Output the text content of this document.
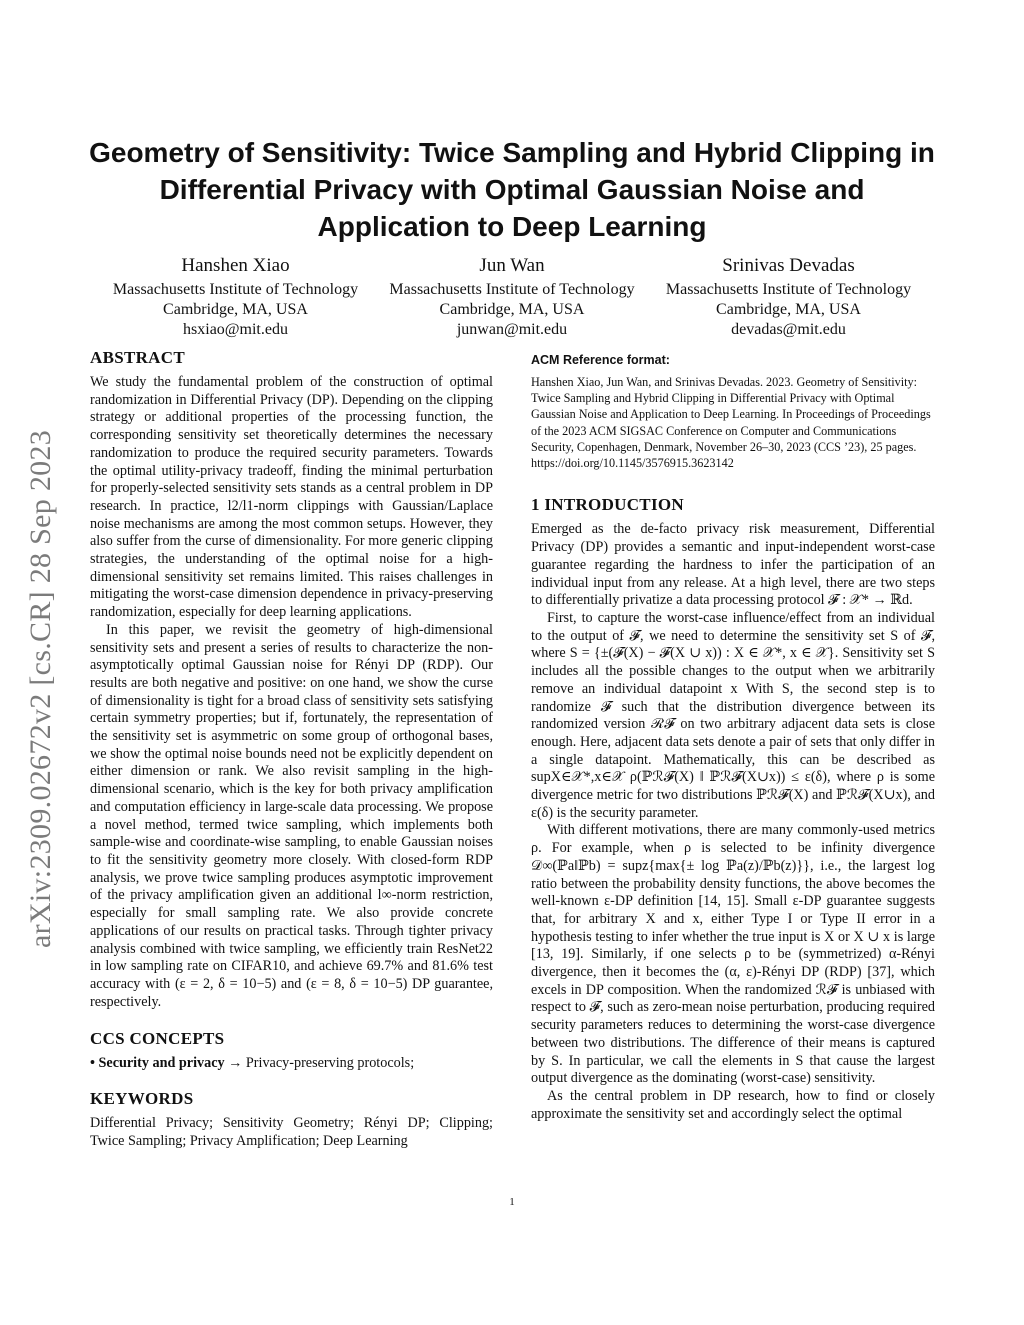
arXiv:2309.02672v2 [cs.CR] 28 Sep 2023
Geometry of Sensitivity: Twice Sampling and Hybrid Clipping in Differential Privacy with Optimal Gaussian Noise and Application to Deep Learning
Hanshen Xiao
Massachusetts Institute of Technology
Cambridge, MA, USA
hsxiao@mit.edu
Jun Wan
Massachusetts Institute of Technology
Cambridge, MA, USA
junwan@mit.edu
Srinivas Devadas
Massachusetts Institute of Technology
Cambridge, MA, USA
devadas@mit.edu
ABSTRACT

We study the fundamental problem of the construction of optimal randomization in Differential Privacy (DP). Depending on the clipping strategy or additional properties of the processing function, the corresponding sensitivity set theoretically determines the necessary randomization to produce the required security parameters. Towards the optimal utility-privacy tradeoff, finding the minimal perturbation for properly-selected sensitivity sets stands as a central problem in DP research. In practice, l2/l1-norm clippings with Gaussian/Laplace noise mechanisms are among the most common setups. However, they also suffer from the curse of dimensionality. For more generic clipping strategies, the understanding of the optimal noise for a high-dimensional sensitivity set remains limited. This raises challenges in mitigating the worst-case dimension dependence in privacy-preserving randomization, especially for deep learning applications.

In this paper, we revisit the geometry of high-dimensional sensitivity sets and present a series of results to characterize the non-asymptotically optimal Gaussian noise for Rényi DP (RDP). Our results are both negative and positive: on one hand, we show the curse of dimensionality is tight for a broad class of sensitivity sets satisfying certain symmetry properties; but if, fortunately, the representation of the sensitivity set is asymmetric on some group of orthogonal bases, we show the optimal noise bounds need not be explicitly dependent on either dimension or rank. We also revisit sampling in the high-dimensional scenario, which is the key for both privacy amplification and computation efficiency in large-scale data processing. We propose a novel method, termed twice sampling, which implements both sample-wise and coordinate-wise sampling, to enable Gaussian noises to fit the sensitivity geometry more closely. With closed-form RDP analysis, we prove twice sampling produces asymptotic improvement of the privacy amplification given an additional l∞-norm restriction, especially for small sampling rate. We also provide concrete applications of our results on practical tasks. Through tighter privacy analysis combined with twice sampling, we efficiently train ResNet22 in low sampling rate on CIFAR10, and achieve 69.7% and 81.6% test accuracy with (ε = 2, δ = 10−5) and (ε = 8, δ = 10−5) DP guarantee, respectively.

CCS CONCEPTS

• Security and privacy → Privacy-preserving protocols;

KEYWORDS

Differential Privacy; Sensitivity Geometry; Rényi DP; Clipping; Twice Sampling; Privacy Amplification; Deep Learning

ACM Reference format:

Hanshen Xiao, Jun Wan, and Srinivas Devadas. 2023. Geometry of Sensitivity: Twice Sampling and Hybrid Clipping in Differential Privacy with Optimal Gaussian Noise and Application to Deep Learning. In Proceedings of Proceedings of the 2023 ACM SIGSAC Conference on Computer and Communications Security, Copenhagen, Denmark, November 26–30, 2023 (CCS ’23), 25 pages.

https://doi.org/10.1145/3576915.3623142

1 INTRODUCTION

Emerged as the de-facto privacy risk measurement, Differential Privacy (DP) provides a semantic and input-independent worst-case guarantee regarding the hardness to infer the participation of an individual input from any release. At a high level, there are two steps to differentially privatize a data processing protocol 𝓕 : 𝒳* → ℝd.

First, to capture the worst-case influence/effect from an individual to the output of 𝓕, we need to determine the sensitivity set S of 𝓕, where S = {±(𝓕(X) − 𝓕(X ∪ x)) : X ∈ 𝒳*, x ∈ 𝒳}. Sensitivity set S includes all the possible changes to the output when we arbitrarily remove an individual datapoint x With S, the second step is to randomize 𝓕 such that the distribution divergence between its randomized version ℛ𝓕 on two arbitrary adjacent data sets is close enough. Here, adjacent data sets denote a pair of sets that only differ in a single datapoint. Mathematically, this can be described as supX∈𝒳*,x∈𝒳 ρ(ℙℛ𝓕(X) ‖ ℙℛ𝓕(X∪x)) ≤ ε(δ), where ρ is some divergence metric for two distributions ℙℛ𝓕(X) and ℙℛ𝓕(X∪x), and ε(δ) is the security parameter.

With different motivations, there are many commonly-used metrics ρ. For example, when ρ is selected to be infinity divergence 𝒟∞(ℙa‖ℙb) = supz{max{± log ℙa(z)/ℙb(z)}}, i.e., the largest log ratio between the probability density functions, the above becomes the well-known ε-DP definition [14, 15]. Small ε-DP guarantee suggests that, for arbitrary X and x, either Type I or Type II error in a hypothesis testing to infer whether the true input is X or X ∪ x is large [13, 19]. Similarly, if one selects ρ to be (symmetrized) α-Rényi divergence, then it becomes the (α, ε)-Rényi DP (RDP) [37], which excels in DP composition. When the randomized ℛ𝓕 is unbiased with respect to 𝓕, such as zero-mean noise perturbation, producing required security parameters reduces to determining the worst-case divergence between two distributions. The difference of their means is captured by S. In particular, we call the elements in S that cause the largest output divergence as the dominating (worst-case) sensitivity.

As the central problem in DP research, how to find or closely approximate the sensitivity set and accordingly select the optimal

1
